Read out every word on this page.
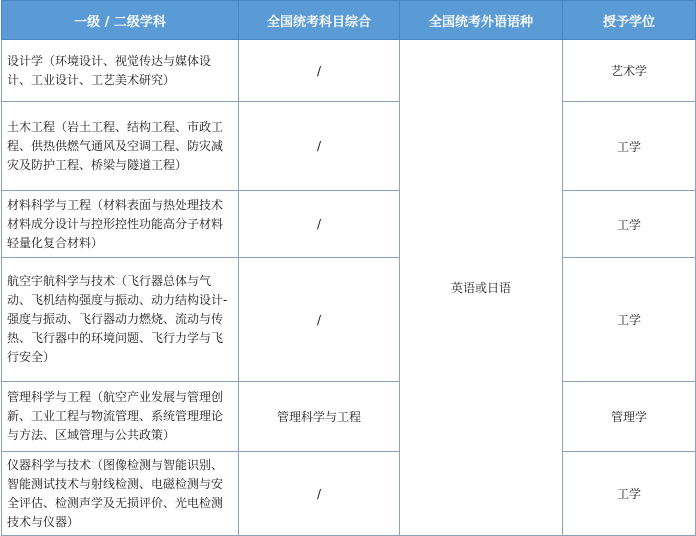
一级 / 二级学科	全国统考科目综合	全国统考外语语种	授予学位
设计学（环境设计、视觉传达与媒体设计、工业设计、工艺美术研究）	/	英语或日语	艺术学
土木工程（岩土工程、结构工程、市政工程、供热供燃气通风及空调工程、防灾减灾及防护工程、桥梁与隧道工程）	/		工学
材料科学与工程（材料表面与热处理技术材料成分设计与控形控性功能高分子材料轻量化复合材料）	/		工学
航空宇航科学与技术（飞行器总体与气动、飞机结构强度与振动、动力结构设计-强度与振动、飞行器动力燃烧、流动与传热、飞行器中的环境问题、飞行力学与飞行安全）	/		工学
管理科学与工程（航空产业发展与管理创新、工业工程与物流管理、系统管理理论与方法、区域管理与公共政策）	管理科学与工程		管理学
仪器科学与技术（图像检测与智能识别、智能测试技术与射线检测、电磁检测与安全评估、检测声学及无损评价、光电检测技术与仪器）	/		工学
